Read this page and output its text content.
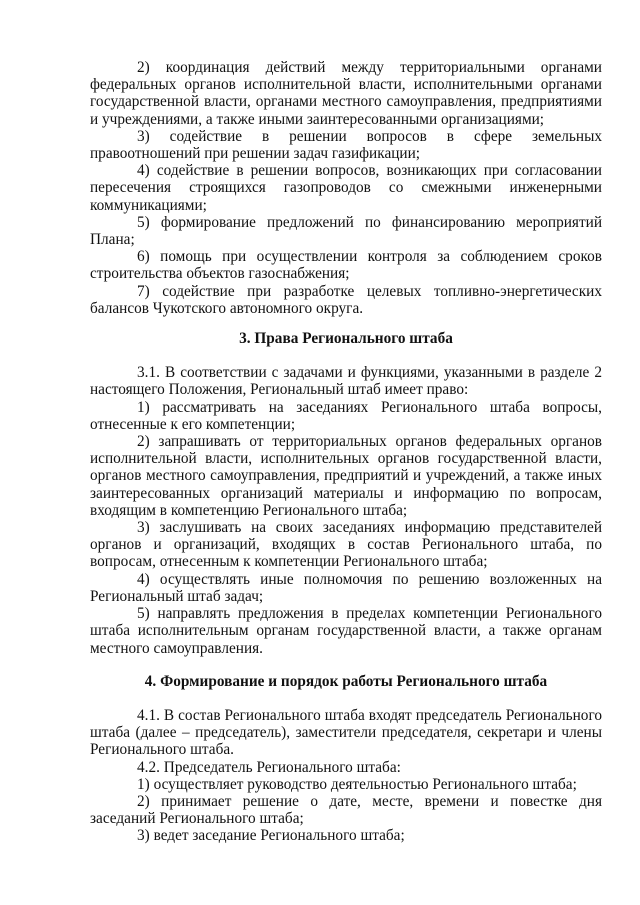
2) координация действий между территориальными органами федеральных органов исполнительной власти, исполнительными органами государственной власти, органами местного самоуправления, предприятиями и учреждениями, а также иными заинтересованными организациями;

3) содействие в решении вопросов в сфере земельных правоотношений при решении задач газификации;

4) содействие в решении вопросов, возникающих при согласовании пересечения строящихся газопроводов со смежными инженерными коммуникациями;

5) формирование предложений по финансированию мероприятий Плана;

6) помощь при осуществлении контроля за соблюдением сроков строительства объектов газоснабжения;

7) содействие при разработке целевых топливно-энергетических балансов Чукотского автономного округа.

3. Права Регионального штаба

3.1. В соответствии с задачами и функциями, указанными в разделе 2 настоящего Положения, Региональный штаб имеет право:

1) рассматривать на заседаниях Регионального штаба вопросы, отнесенные к его компетенции;

2) запрашивать от территориальных органов федеральных органов исполнительной власти, исполнительных органов государственной власти, органов местного самоуправления, предприятий и учреждений, а также иных заинтересованных организаций материалы и информацию по вопросам, входящим в компетенцию Регионального штаба;

3) заслушивать на своих заседаниях информацию представителей органов и организаций, входящих в состав Регионального штаба, по вопросам, отнесенным к компетенции Регионального штаба;

4) осуществлять иные полномочия по решению возложенных на Региональный штаб задач;

5) направлять предложения в пределах компетенции Регионального штаба исполнительным органам государственной власти, а также органам местного самоуправления.

4. Формирование и порядок работы Регионального штаба

4.1. В состав Регионального штаба входят председатель Регионального штаба (далее – председатель), заместители председателя, секретари и члены Регионального штаба.

4.2. Председатель Регионального штаба:

1) осуществляет руководство деятельностью Регионального штаба;

2) принимает решение о дате, месте, времени и повестке дня заседаний Регионального штаба;

3) ведет заседание Регионального штаба;
